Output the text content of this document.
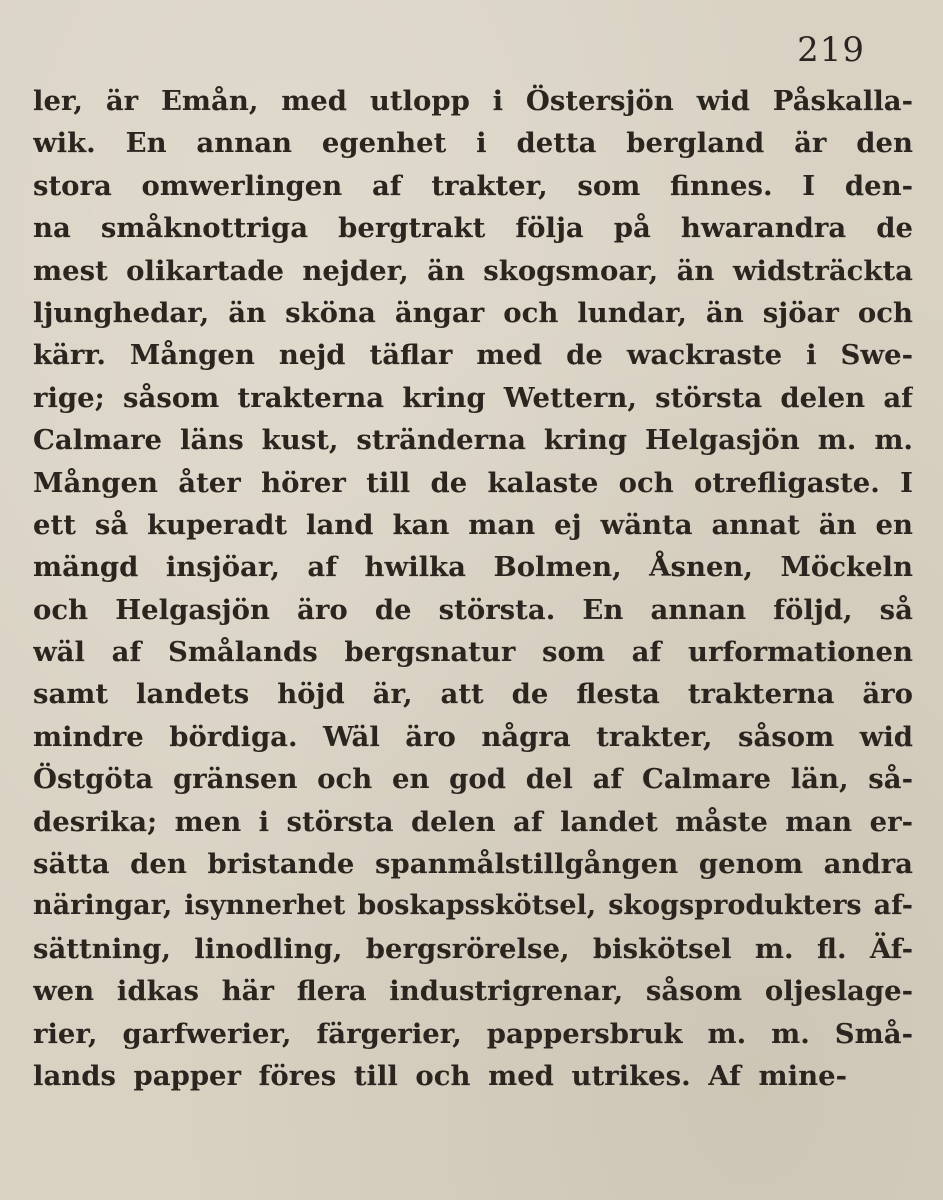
219
ler, är Emån, med utlopp i Östersjön wid Påskalla-
wik. En annan egenhet i detta bergland är den
stora omwerlingen af trakter, som finnes. I den-
na småknottriga bergtrakt följa på hwarandra de
mest olikartade nejder, än skogsmoar, än widsträckta
ljunghedar, än sköna ängar och lundar, än sjöar och
kärr. Mången nejd täflar med de wackraste i Swe-
rige; såsom trakterna kring Wettern, största delen af
Calmare läns kust, stränderna kring Helgasjön m. m.
Mången åter hörer till de kalaste och otrefligaste. I
ett så kuperadt land kan man ej wänta annat än en
mängd insjöar, af hwilka Bolmen, Åsnen, Möckeln
och Helgasjön äro de största. En annan följd, så
wäl af Smålands bergsnatur som af urformationen
samt landets höjd är, att de flesta trakterna äro
mindre bördiga. Wäl äro några trakter, såsom wid
Östgöta gränsen och en god del af Calmare län, så-
desrika; men i största delen af landet måste man er-
sätta den bristande spanmålstillgången genom andra
näringar, isynnerhet boskapsskötsel, skogsprodukters af-
sättning, linodling, bergsrörelse, biskötsel m. fl. Äf-
wen idkas här flera industrigrenar, såsom oljeslage-
rier, garfwerier, färgerier, pappersbruk m. m. Små-
lands papper föres till och med utrikes. Af mine-
